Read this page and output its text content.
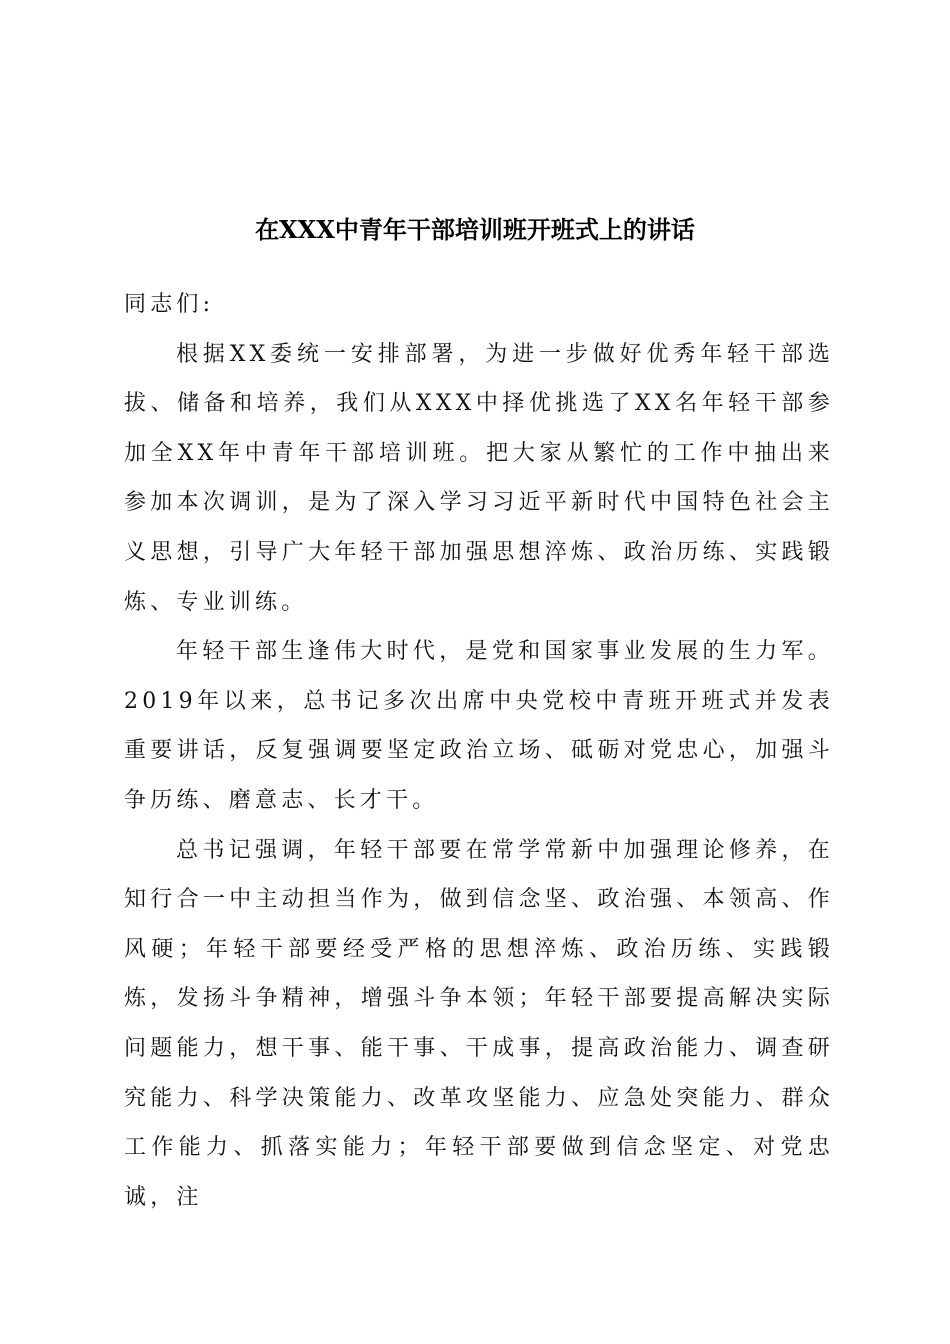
在XXX中青年干部培训班开班式上的讲话

同志们:

根据XX委统一安排部署，为进一步做好优秀年轻干部选拔、储备和培养，我们从XXX中择优挑选了XX名年轻干部参加全XX年中青年干部培训班。把大家从繁忙的工作中抽出来参加本次调训，是为了深入学习习近平新时代中国特色社会主义思想，引导广大年轻干部加强思想淬炼、政治历练、实践锻炼、专业训练。

年轻干部生逢伟大时代，是党和国家事业发展的生力军。2019年以来，总书记多次出席中央党校中青班开班式并发表重要讲话，反复强调要坚定政治立场、砥砺对党忠心，加强斗争历练、磨意志、长才干。

总书记强调，年轻干部要在常学常新中加强理论修养，在知行合一中主动担当作为，做到信念坚、政治强、本领高、作风硬；年轻干部要经受严格的思想淬炼、政治历练、实践锻炼，发扬斗争精神，增强斗争本领；年轻干部要提高解决实际问题能力，想干事、能干事、干成事，提高政治能力、调查研究能力、科学决策能力、改革攻坚能力、应急处突能力、群众工作能力、抓落实能力；年轻干部要做到信念坚定、对党忠诚，注
